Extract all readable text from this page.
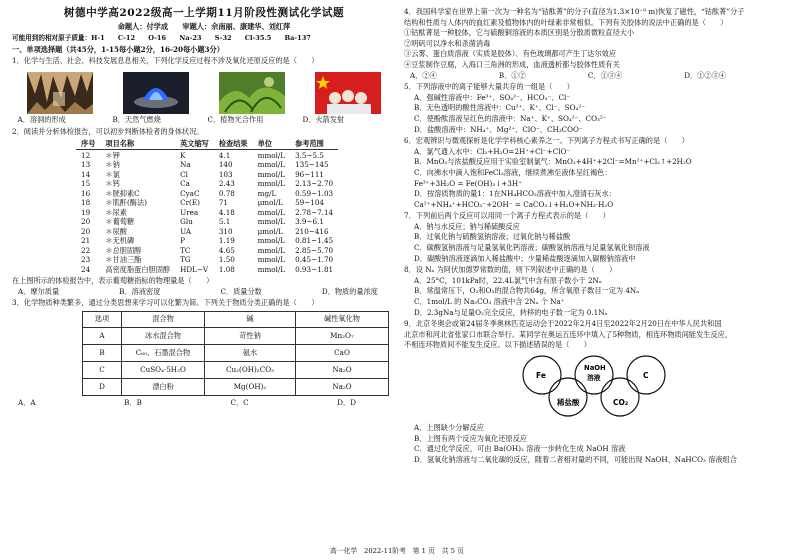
树德中学高2022级高一上学期11月阶段性测试化学试题
命题人：付学成　　审题人：佘南丽、康建华、刘红萍
可能用到的相对原子质量：H-1　　C-12　　O-16　　Na-23　　S-32　　Cl-35.5　　Ba-137
一、单项选择题（共45分，1-15每小题2分，16-20每小题3分）
1．化学与生活、社会、科技发展息息相关，下列化学反应过程不涉及氧化还原反应的是（　　）
A．溶洞的形成	B．天然气燃烧	C．植物光合作用	D．火箭发射
2．阅读并分析体检报告，可以初步判断体检者的身体状况。
序号	项目名称	英文缩写	检查结果	单位	参考范围
12	＊钾	K	4.1	mmol/L	3.5~5.5
13	＊钠	Na	140	mmol/L	135~145
14	＊氯	Cl	103	mmol/L	96~111
15	＊钙	Ca	2.43	mmol/L	2.13~2.70
16	＊胱抑素C	CyaC	0.78	mg/L	0.59~1.03
18	＊肌酐(酶法)	Cr(E)	71	μmol/L	59~104
19	＊尿素	Urea	4.18	mmol/L	2.78~7.14
20	＊葡萄糖	Glu	5.1	mmol/L	3.9~6.1
20	＊尿酸	UA	310	μmol/L	210~416
21	＊无机磷	P	1.19	mmol/L	0.81~1.45
22	＊总胆固醇	TC	4.65	mmol/L	2.85~5.70
23	＊甘油三酯	TG	1.50	mmol/L	0.45~1.70
24	高密度脂蛋白胆固醇	HDL−V	1.08	mmol/L	0.93~1.81
在上图所示的体检报告中，表示葡萄糖指标的物理量是（　　）
A．摩尔质量	B．溶液密度	C．质量分数	D．物质的量浓度
3．化学物质种类繁多，通过分类思想来学习可以化繁为简。下列关于物质分类正确的是（　　）
选项	混合物	碱	碱性氧化物
A	冰水混合物	苛性钠	Mn₂O₇
B	C₆₀、石墨混合物	氨水	CaO
C	CuSO₄·5H₂O	Cu₂(OH)₂CO₃	Na₂O
D	漂白粉	Mg(OH)₂	Na₂O
A．A	B．B	C．C	D．D
4．我国科学家在世界上第一次为一种名为“钴酞菁”的分子(直径为1.3×10⁻⁹ m)恢复了磁性，“钴酞菁”分子
结构和性质与人体内的血红素及植物体内的叶绿素非常相似。下列有关胶体的说法中正确的是（　　）
①钴酞菁是一种胶体，它与硫酸铜溶液的本质区别是分散质微粒直径大小
②明矾可以净水和杀菌消毒
③云雾、蛋白质溶液（实质是胶体）、有色玻璃都可产生丁达尔效应
④豆浆制作豆腐，入海口三角洲的形成，血液透析都与胶体性质有关
A．②④	B．①②	C．①③④	D．①②③④
5．下列溶液中的离子能够大量共存的一组是（　　）
A．强碱性溶液中：Fe³⁺、SO₄²⁻、HCO₃⁻、Cl⁻
B．无色透明的酸性溶液中：Cu²⁺、K⁺、Cl⁻、SO₄²⁻
C．使酚酞溶液呈红色的溶液中：Na⁺、K⁺、SO₄²⁻、CO₃²⁻
D．盐酸溶液中：NH₄⁺、Mg²⁺、ClO⁻、CH₃COO⁻
6．宏观辨识与微观探析是化学学科核心素养之一。下列离子方程式书写正确的是（　　）
A．氯气通入水中：Cl₂+H₂O=2H⁺+Cl⁻+ClO⁻
B．MnO₂与浓盐酸反应用于实验室制氯气：MnO₂+4H⁺+2Cl⁻=Mn²⁺+Cl₂↑+2H₂O
C．向沸水中滴入饱和FeCl₃溶液，继续煮沸至液体呈红褐色：
Fe³⁺+3H₂O = Fe(OH)₃↓+3H⁺
D．按溶质物质的量1：1在NH₄HCO₃溶液中加入澄清石灰水：
Ca²⁺+NH₄⁺+HCO₃⁻+2OH⁻ = CaCO₃↓+H₂O+NH₃·H₂O
7．下列前后两个反应可以用同一个离子方程式表示的是（　　）
A．钠与水反应；钠与稀硫酸反应
B．过氧化钠与硫酸氢钠溶液；过氧化钠与稀盐酸
C．碳酸氢钠溶液与足量氢氧化钙溶液；碳酸氢钠溶液与足量氢氧化钡溶液
D．碳酸钠溶液逐滴加入稀盐酸中；少量稀盐酸逐滴加入碳酸钠溶液中
8．设 Nₐ 为阿伏加德罗常数的值，则下列叙述中正确的是（　　）
A．25°C，101kPa时，22.4L氯气中含有原子数小于 2Nₐ
B．常温常压下，O₂和O₃的混合物共64g，所含氧原子数目一定为 4Nₐ
C．1mol/L 的 Na₂CO₃ 溶液中含 2Nₐ 个 Na⁺
D．2.3gNa与足量O₂完全反应，转移的电子数一定为 0.1Nₐ
9．北京冬奥会或第24届冬季奥林匹克运动会于2022年2月4日至2022年2月20日在中华人民共和国
北京市和河北省张家口市联合举行。某同学在奥运五连环中填入了5种物质，相连环物质间能发生反应，
不相连环物质间不能发生反应。以下描述错误的是（　　）
Fe
稀盐酸
NaOH
溶液
CO₂
C
A．上图缺少分解反应
B．上图有两个反应为氧化还原反应
C．通过化学反应，可由 Ba(OH)₂ 溶液一步转化生成 NaOH 溶液
D．氢氧化钠溶液与二氧化碳的反应，随着二者相对量的不同，可能出现 NaOH、NaHCO₃ 溶液组合
高一化学　2022-11阶考　第 1 页　共 5 页
